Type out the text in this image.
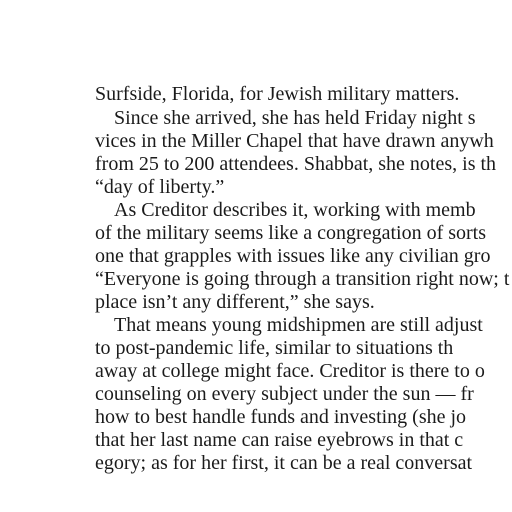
Surfside, Florida, for Jewish military matters.

Since she arrived, she has held Friday night s

vices in the Miller Chapel that have drawn anywh

from 25 to 200 attendees. Shabbat, she notes, is th

“day of liberty.”

As Creditor describes it, working with memb

of the military seems like a congregation of sorts

one that grapples with issues like any civilian gro

“Everyone is going through a transition right now; t

place isn’t any different,” she says.

That means young midshipmen are still adjust

to post-pandemic life, similar to situations th

away at college might face. Creditor is there to o

counseling on every subject under the sun — fr

how to best handle funds and investing (she jo

that her last name can raise eyebrows in that c

egory; as for her first, it can be a real conversat
